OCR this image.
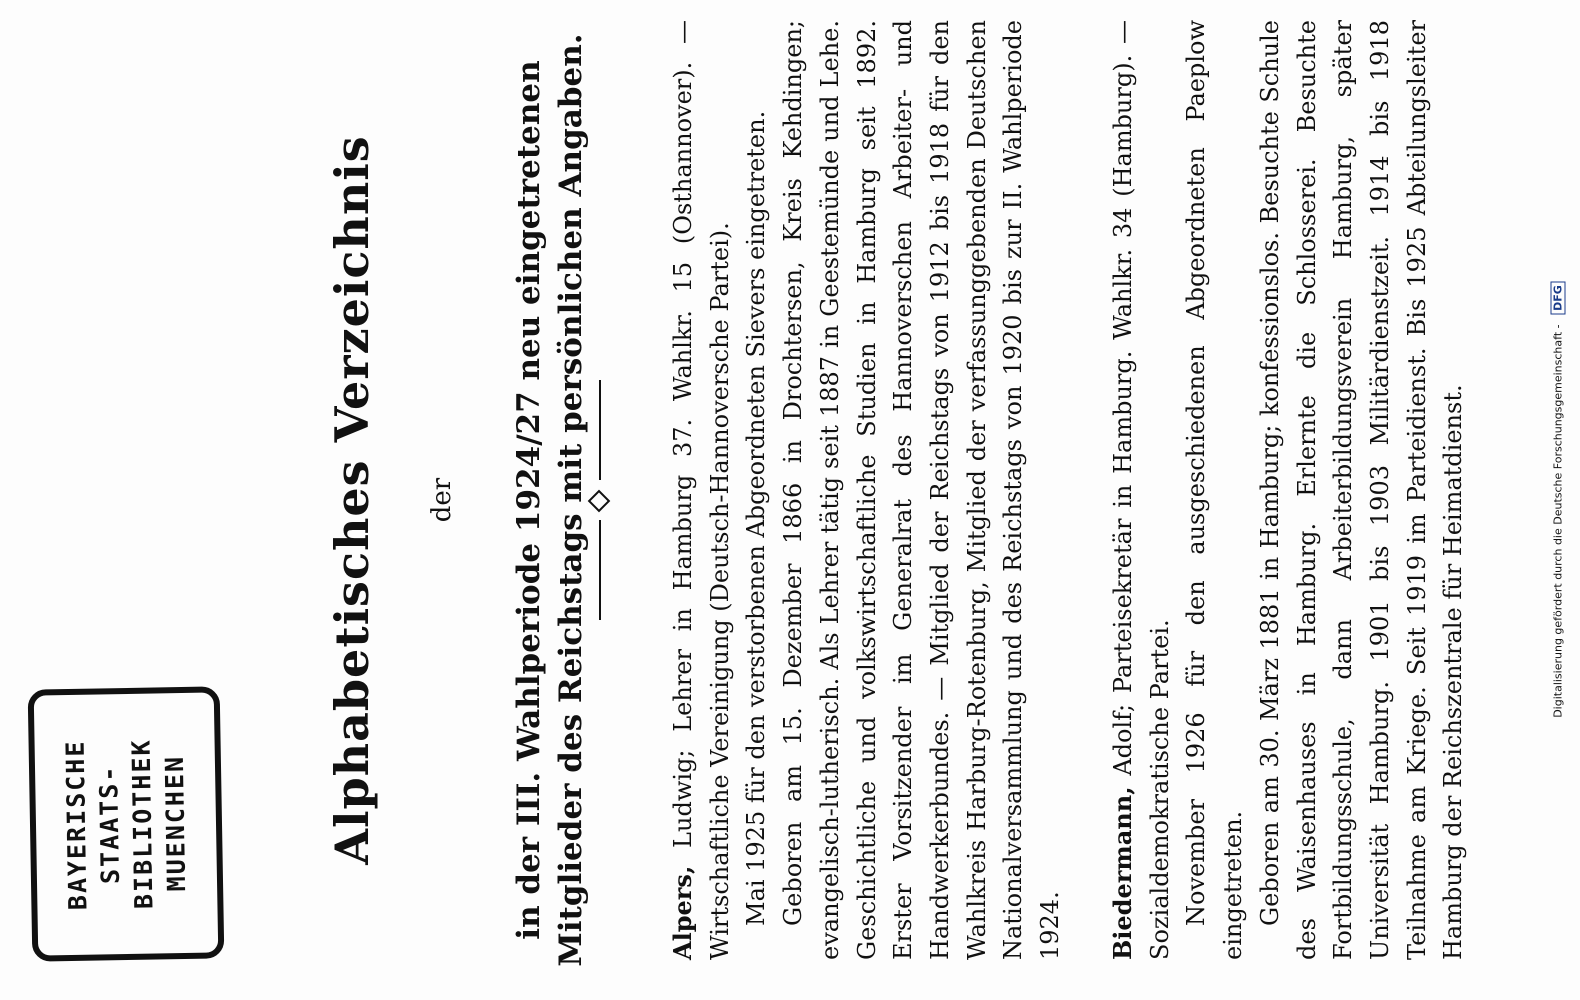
BAYERISCHE STAATS- BIBLIOTHEK MUENCHEN	Alphabetisches Verzeichnis der in der III. Wahlperiode 1924/27 neu eingetretenen Mitglieder des Reichstags mit persönlichen Angaben.	Alpers, Ludwig; Lehrer in Hamburg 37. Wahlkr. 15 (Osthannover). — Wirtschaftliche Vereinigung (Deutsch-Hannoversche Partei). Mai 1925 für den verstorbenen Abgeordneten Sievers eingetreten. Geboren am 15. Dezember 1866 in Drochtersen, Kreis Kehdingen; evangelisch-lutherisch. Als Lehrer tätig seit 1887 in Geestemünde und Lehe. Geschichtliche und volkswirtschaftliche Studien in Hamburg seit 1892. Erster Vorsitzender im Generalrat des Hannoverschen Arbeiter- und Handwerkerbundes. — Mitglied der Reichstags von 1912 bis 1918 für den Wahlkreis Harburg-Rotenburg, Mitglied der verfassunggebenden Deutschen Nationalversammlung und des Reichstags von 1920 bis zur II. Wahlperiode 1924. Biedermann, Adolf; Parteisekretär in Hamburg. Wahlkr. 34 (Hamburg). — Sozialdemokratische Partei. November 1926 für den ausgeschiedenen Abgeordneten Paeplow eingetreten. Geboren am 30. März 1881 in Hamburg; konfessionslos. Besuchte Schule des Waisenhauses in Hamburg. Erlernte die Schlosserei. Besuchte Fortbildungsschule, dann Arbeiterbildungsverein Hamburg, später Universität Hamburg. 1901 bis 1903 Militärdienstzeit. 1914 bis 1918 Teilnahme am Kriege. Seit 1919 im Parteidienst. Bis 1925 Abteilungsleiter Hamburg der Reichszentrale für Heimatdienst.	Digitalisierung gefördert durch die Deutsche Forschungsgemeinschaft - DFG
